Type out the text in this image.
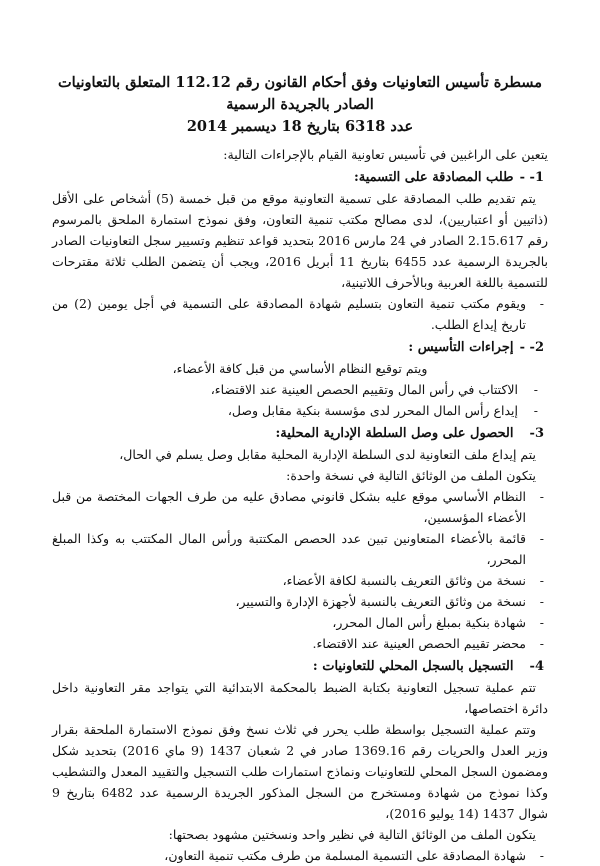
مسطرة تأسيس التعاونيات وفق أحكام القانون رقم 112.12 المتعلق بالتعاونيات الصادر بالجريدة الرسمية
عدد 6318 بتاريخ 18 ديسمبر 2014

يتعين على الراغبين في تأسيس تعاونية القيام بالإجراءات التالية:

1- - طلب المصادقة على التسمية:

يتم تقديم طلب المصادقة على تسمية التعاونية موقع من قبل خمسة (5) أشخاص على الأقل (ذاتيين أو اعتباريين)، لدى مصالح مكتب تنمية التعاون، وفق نموذج استمارة الملحق بالمرسوم رقم 2.15.617 الصادر في 24 مارس 2016 بتحديد قواعد تنظيم وتسيير سجل التعاونيات الصادر بالجريدة الرسمية عدد 6455 بتاريخ 11 أبريل 2016، ويجب أن يتضمن الطلب ثلاثة مقترحات للتسمية باللغة العربية وبالأحرف اللاتينية،

- ويقوم مكتب تنمية التعاون بتسليم شهادة المصادقة على التسمية في أجل يومين (2) من تاريخ إيداع الطلب.
2- - إجراءات التأسيس :

ويتم توقيع النظام الأساسي من قبل كافة الأعضاء،

- الاكتتاب في رأس المال وتقييم الحصص العينية عند الاقتضاء،
- إيداع رأس المال المحرر لدى مؤسسة بنكية مقابل وصل،
3- الحصول على وصل السلطة الإدارية المحلية:

يتم إيداع ملف التعاونية لدى السلطة الإدارية المحلية مقابل وصل يسلم في الحال،

يتكون الملف من الوثائق التالية في نسخة واحدة:

- النظام الأساسي موقع عليه بشكل قانوني مصادق عليه من طرف الجهات المختصة من قبل الأعضاء المؤسسين،
- قائمة بالأعضاء المتعاونين تبين عدد الحصص المكتتبة ورأس المال المكتتب به وكذا المبلغ المحرر،
- نسخة من وثائق التعريف بالنسبة لكافة الأعضاء،
- نسخة من وثائق التعريف بالنسبة لأجهزة الإدارة والتسيير،
- شهادة بنكية بمبلغ رأس المال المحرر،
- محضر تقييم الحصص العينية عند الاقتضاء.
4- التسجيل بالسجل المحلي للتعاونيات :

تتم عملية تسجيل التعاونية بكتابة الضبط بالمحكمة الابتدائية التي يتواجد مقر التعاونية داخل دائرة اختصاصها،

وتتم عملية التسجيل بواسطة طلب يحرر في ثلاث نسخ وفق نموذج الاستمارة الملحقة بقرار وزير العدل والحريات رقم 1369.16 صادر في 2 شعبان 1437 (9 ماي 2016) بتحديد شكل ومضمون السجل المحلي للتعاونيات ونماذج استمارات طلب التسجيل والتقييد المعدل والتشطيب وكذا نموذج من شهادة ومستخرج من السجل المذكور الجريدة الرسمية عدد 6482 بتاريخ 9 شوال 1437 (14 يوليو 2016)،

يتكون الملف من الوثائق التالية في نظير واحد ونسختين مشهود بصحتها:

- شهادة المصادقة على التسمية المسلمة من طرف مكتب تنمية التعاون،
